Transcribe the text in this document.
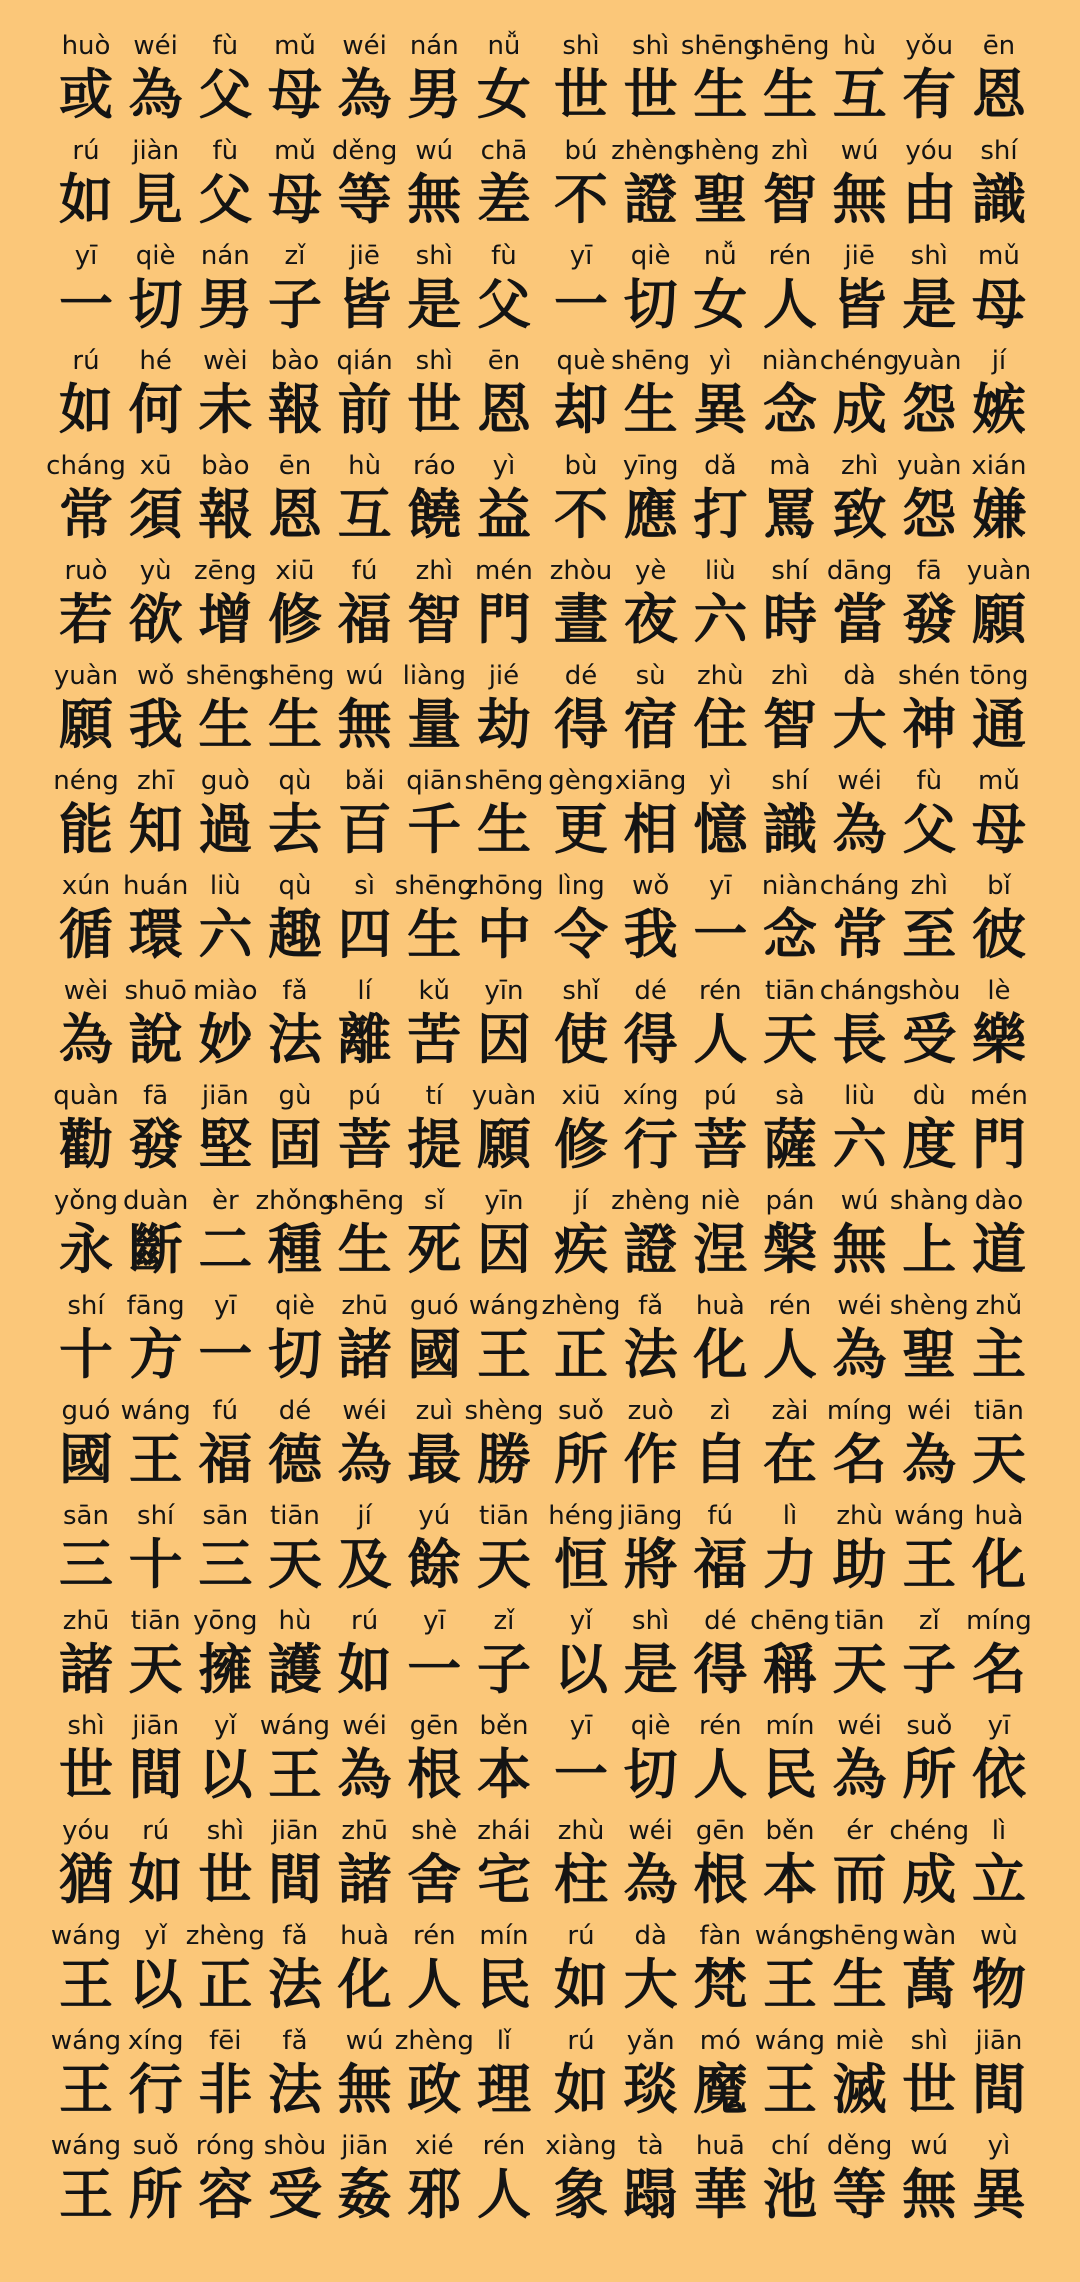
huò
或
wéi
為
fù
父
mǔ
母
wéi
為
nán
男
nǚ
女
rú
如
jiàn
見
fù
父
mǔ
母
děng
等
wú
無
chā
差
yī
一
qiè
切
nán
男
zǐ
子
jiē
皆
shì
是
fù
父
rú
如
hé
何
wèi
未
bào
報
qián
前
shì
世
ēn
恩
cháng
常
xū
須
bào
報
ēn
恩
hù
互
ráo
饒
yì
益
ruò
若
yù
欲
zēng
增
xiū
修
fú
福
zhì
智
mén
門
yuàn
願
wǒ
我
shēng
生
shēng
生
wú
無
liàng
量
jié
劫
néng
能
zhī
知
guò
過
qù
去
bǎi
百
qiān
千
shēng
生
xún
循
huán
環
liù
六
qù
趣
sì
四
shēng
生
zhōng
中
wèi
為
shuō
說
miào
妙
fǎ
法
lí
離
kǔ
苦
yīn
因
quàn
勸
fā
發
jiān
堅
gù
固
pú
菩
tí
提
yuàn
願
yǒng
永
duàn
斷
èr
二
zhǒng
種
shēng
生
sǐ
死
yīn
因
shí
十
fāng
方
yī
一
qiè
切
zhū
諸
guó
國
wáng
王
guó
國
wáng
王
fú
福
dé
德
wéi
為
zuì
最
shèng
勝
sān
三
shí
十
sān
三
tiān
天
jí
及
yú
餘
tiān
天
zhū
諸
tiān
天
yōng
擁
hù
護
rú
如
yī
一
zǐ
子
shì
世
jiān
間
yǐ
以
wáng
王
wéi
為
gēn
根
běn
本
yóu
猶
rú
如
shì
世
jiān
間
zhū
諸
shè
舍
zhái
宅
wáng
王
yǐ
以
zhèng
正
fǎ
法
huà
化
rén
人
mín
民
wáng
王
xíng
行
fēi
非
fǎ
法
wú
無
zhèng
政
lǐ
理
wáng
王
suǒ
所
róng
容
shòu
受
jiān
姦
xié
邪
rén
人
shì
世
shì
世
shēng
生
shēng
生
hù
互
yǒu
有
ēn
恩
bú
不
zhèng
證
shèng
聖
zhì
智
wú
無
yóu
由
shí
識
yī
一
qiè
切
nǚ
女
rén
人
jiē
皆
shì
是
mǔ
母
què
却
shēng
生
yì
異
niàn
念
chéng
成
yuàn
怨
jí
嫉
bù
不
yīng
應
dǎ
打
mà
罵
zhì
致
yuàn
怨
xián
嫌
zhòu
晝
yè
夜
liù
六
shí
時
dāng
當
fā
發
yuàn
願
dé
得
sù
宿
zhù
住
zhì
智
dà
大
shén
神
tōng
通
gèng
更
xiāng
相
yì
憶
shí
識
wéi
為
fù
父
mǔ
母
lìng
令
wǒ
我
yī
一
niàn
念
cháng
常
zhì
至
bǐ
彼
shǐ
使
dé
得
rén
人
tiān
天
cháng
長
shòu
受
lè
樂
xiū
修
xíng
行
pú
菩
sà
薩
liù
六
dù
度
mén
門
jí
疾
zhèng
證
niè
涅
pán
槃
wú
無
shàng
上
dào
道
zhèng
正
fǎ
法
huà
化
rén
人
wéi
為
shèng
聖
zhǔ
主
suǒ
所
zuò
作
zì
自
zài
在
míng
名
wéi
為
tiān
天
héng
恒
jiāng
將
fú
福
lì
力
zhù
助
wáng
王
huà
化
yǐ
以
shì
是
dé
得
chēng
稱
tiān
天
zǐ
子
míng
名
yī
一
qiè
切
rén
人
mín
民
wéi
為
suǒ
所
yī
依
zhù
柱
wéi
為
gēn
根
běn
本
ér
而
chéng
成
lì
立
rú
如
dà
大
fàn
梵
wáng
王
shēng
生
wàn
萬
wù
物
rú
如
yǎn
琰
mó
魔
wáng
王
miè
滅
shì
世
jiān
間
xiàng
象
tà
蹋
huā
華
chí
池
děng
等
wú
無
yì
異
